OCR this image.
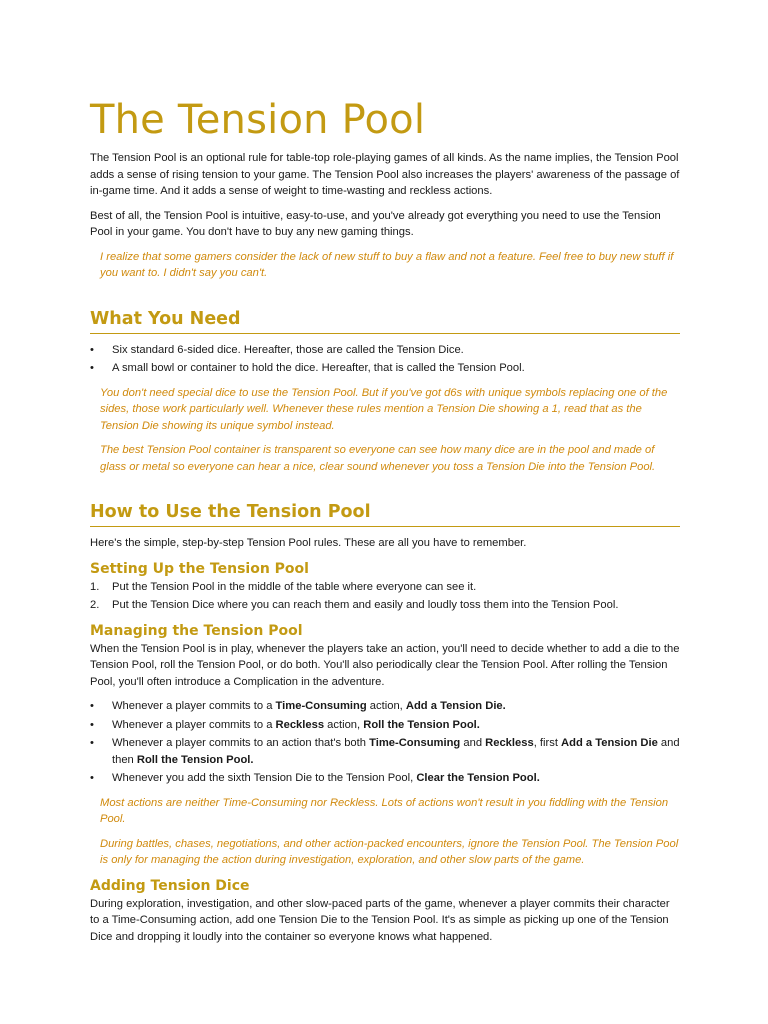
The Tension Pool

The Tension Pool is an optional rule for table-top role-playing games of all kinds. As the name implies, the Tension Pool adds a sense of rising tension to your game. The Tension Pool also increases the players' awareness of the passage of in-game time. And it adds a sense of weight to time-wasting and reckless actions.

Best of all, the Tension Pool is intuitive, easy-to-use, and you've already got everything you need to use the Tension Pool in your game. You don't have to buy any new gaming things.

I realize that some gamers consider the lack of new stuff to buy a flaw and not a feature. Feel free to buy new stuff if you want to. I didn't say you can't.

What You Need
• Six standard 6-sided dice. Hereafter, those are called the Tension Dice.
• A small bowl or container to hold the dice. Hereafter, that is called the Tension Pool.

You don't need special dice to use the Tension Pool. But if you've got d6s with unique symbols replacing one of the sides, those work particularly well. Whenever these rules mention a Tension Die showing a 1, read that as the Tension Die showing its unique symbol instead.

The best Tension Pool container is transparent so everyone can see how many dice are in the pool and made of glass or metal so everyone can hear a nice, clear sound whenever you toss a Tension Die into the Tension Pool.

How to Use the Tension Pool

Here's the simple, step-by-step Tension Pool rules. These are all you have to remember.

Setting Up the Tension Pool
1. Put the Tension Pool in the middle of the table where everyone can see it.
2. Put the Tension Dice where you can reach them and easily and loudly toss them into the Tension Pool.
Managing the Tension Pool

When the Tension Pool is in play, whenever the players take an action, you'll need to decide whether to add a die to the Tension Pool, roll the Tension Pool, or do both. You'll also periodically clear the Tension Pool. After rolling the Tension Pool, you'll often introduce a Complication in the adventure.

• Whenever a player commits to a Time-Consuming action, Add a Tension Die.
• Whenever a player commits to a Reckless action, Roll the Tension Pool.
• Whenever a player commits to an action that's both Time-Consuming and Reckless, first Add a Tension Die and then Roll the Tension Pool.
• Whenever you add the sixth Tension Die to the Tension Pool, Clear the Tension Pool.

Most actions are neither Time-Consuming nor Reckless. Lots of actions won't result in you fiddling with the Tension Pool.

During battles, chases, negotiations, and other action-packed encounters, ignore the Tension Pool. The Tension Pool is only for managing the action during investigation, exploration, and other slow parts of the game.

Adding Tension Dice

During exploration, investigation, and other slow-paced parts of the game, whenever a player commits their character to a Time-Consuming action, add one Tension Die to the Tension Pool. It's as simple as picking up one of the Tension Dice and dropping it loudly into the container so everyone knows what happened.
